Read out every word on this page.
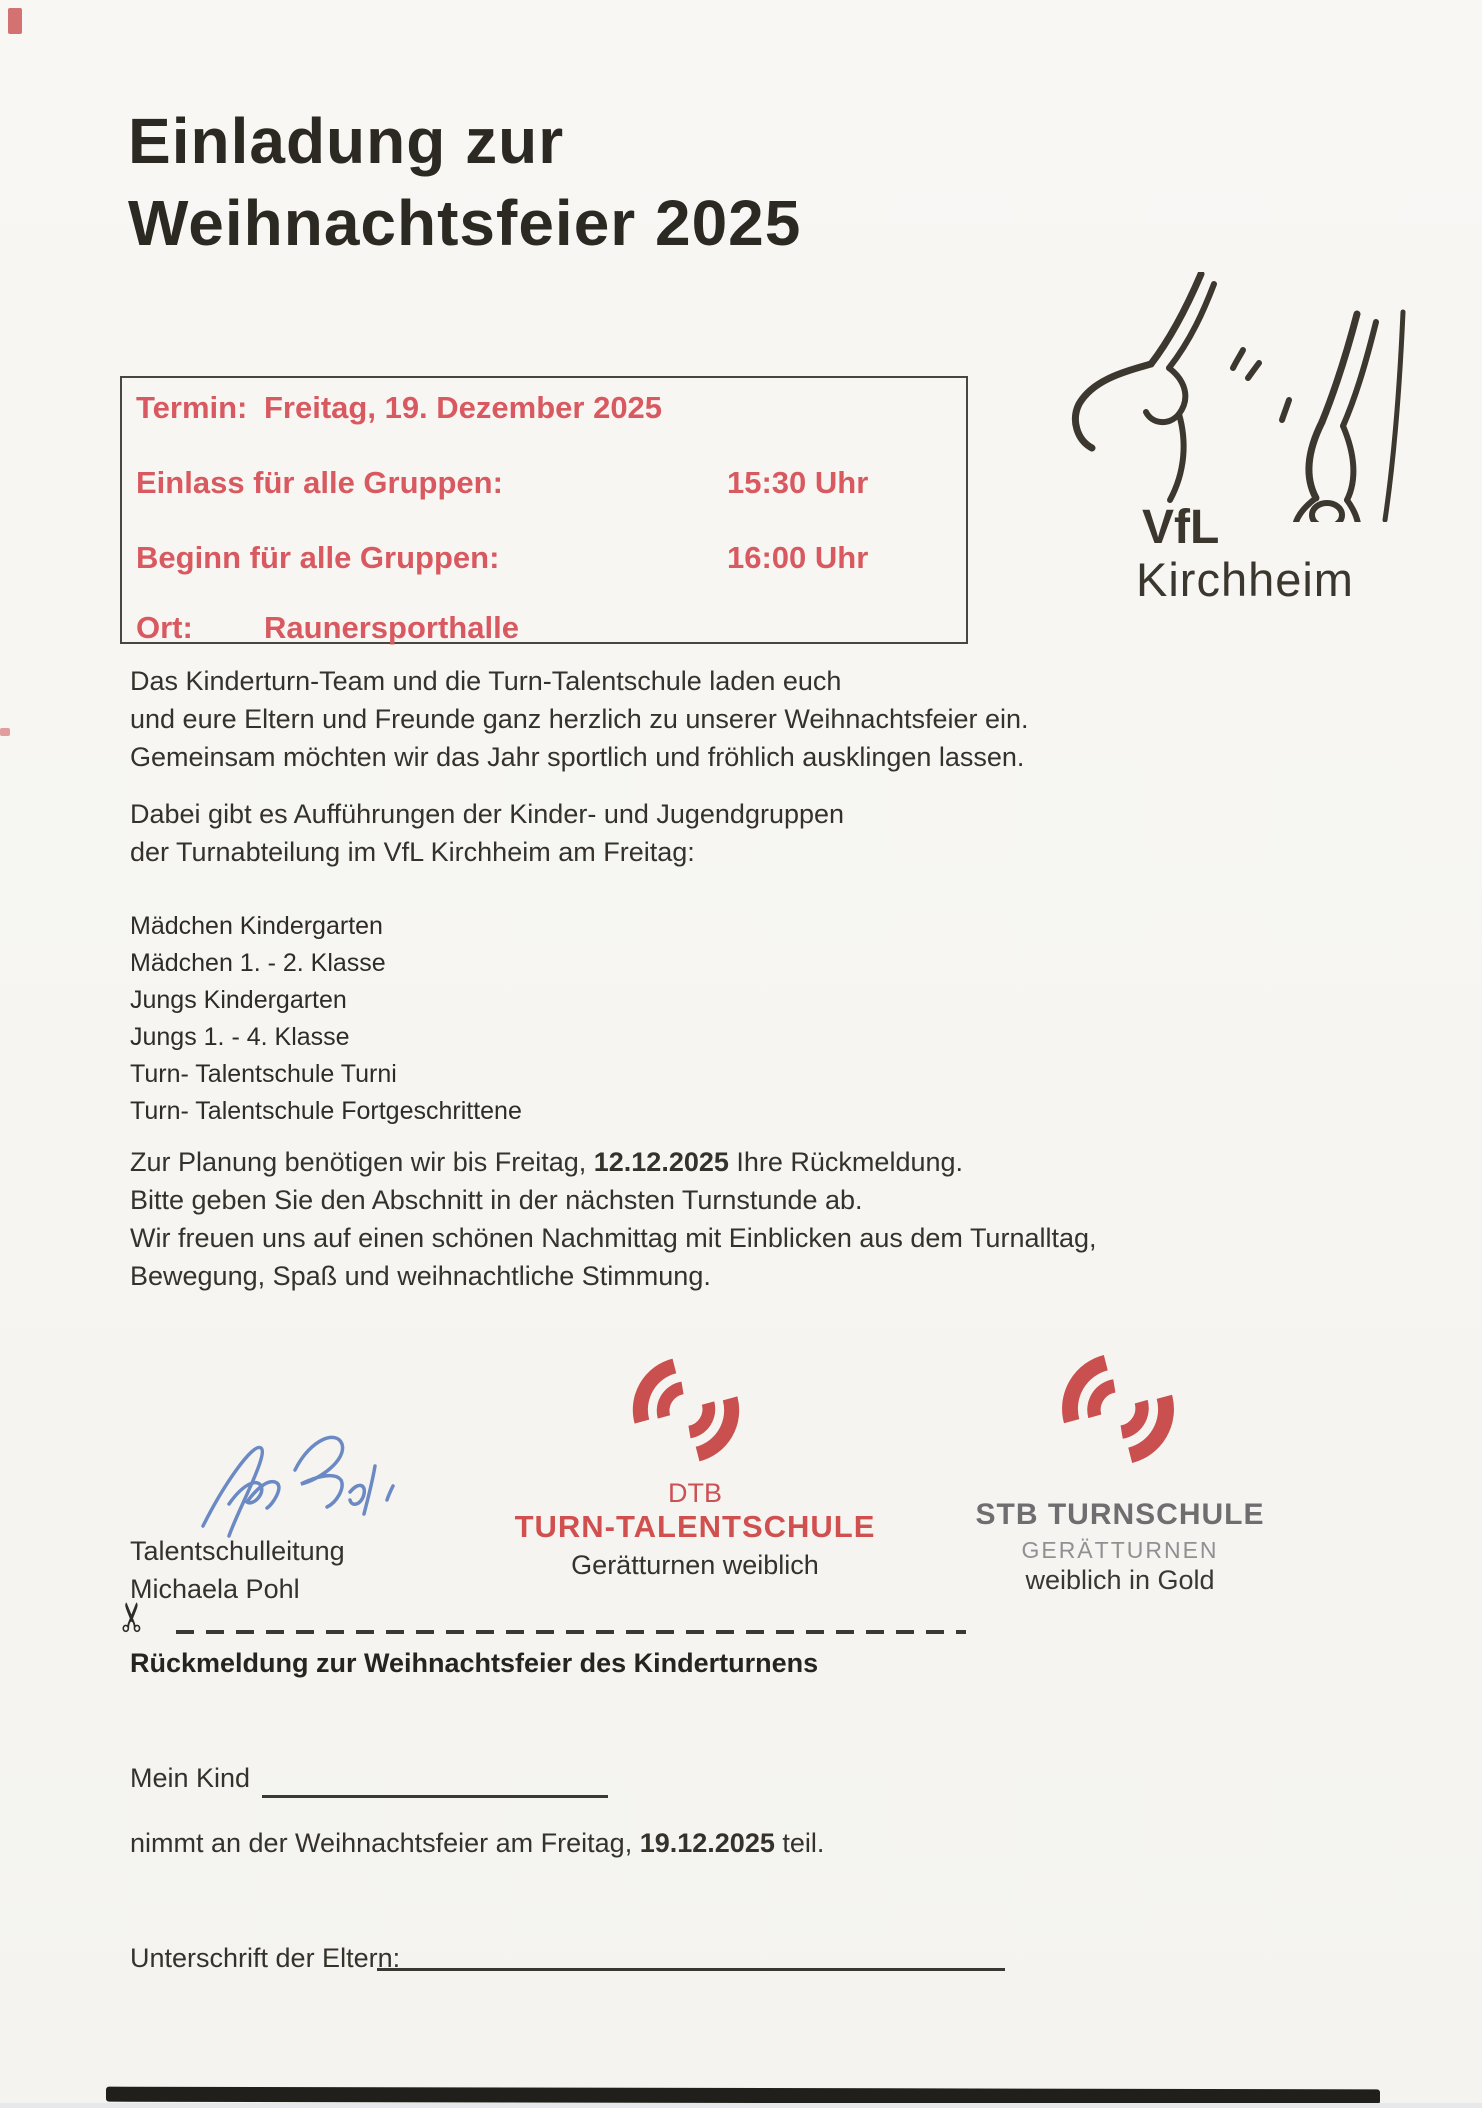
Einladung zur
Weihnachtsfeier 2025
VfL
Kirchheim
Termin: Freitag, 19. Dezember 2025
Einlass für alle Gruppen:	15:30 Uhr
Beginn für alle Gruppen:	16:00 Uhr
Ort: Raunersporthalle
Das Kinderturn-Team und die Turn-Talentschule laden euch
und eure Eltern und Freunde ganz herzlich zu unserer Weihnachtsfeier ein.
Gemeinsam möchten wir das Jahr sportlich und fröhlich ausklingen lassen.
Dabei gibt es Aufführungen der Kinder- und Jugendgruppen
der Turnabteilung im VfL Kirchheim am Freitag:
Mädchen Kindergarten
Mädchen 1. - 2. Klasse
Jungs Kindergarten
Jungs 1. - 4. Klasse
Turn- Talentschule Turni
Turn- Talentschule Fortgeschrittene
Zur Planung benötigen wir bis Freitag, 12.12.2025 Ihre Rückmeldung.
Bitte geben Sie den Abschnitt in der nächsten Turnstunde ab.
Wir freuen uns auf einen schönen Nachmittag mit Einblicken aus dem Turnalltag,
Bewegung, Spaß und weihnachtliche Stimmung.
Talentschulleitung
Michaela Pohl
DTB
TURN-TALENTSCHULE
Gerätturnen weiblich
STB TURNSCHULE
GERÄTTURNEN
weiblich in Gold
✂
Rückmeldung zur Weihnachtsfeier des Kinderturnens
Mein Kind
nimmt an der Weihnachtsfeier am Freitag, 19.12.2025 teil.
Unterschrift der Eltern:
